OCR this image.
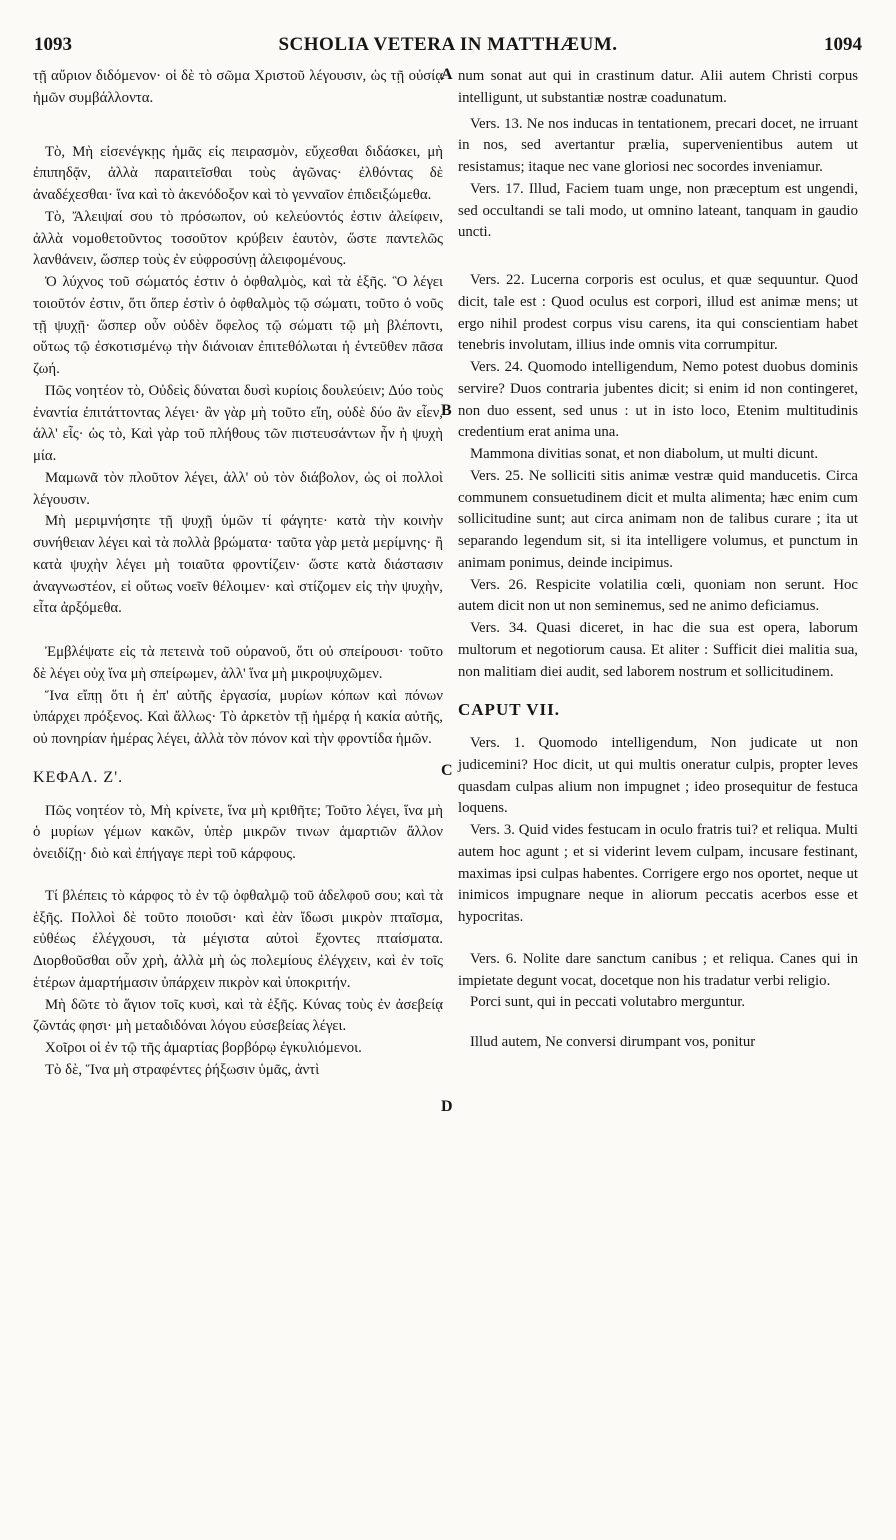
1093	SCHOLIA VETERA IN MATTHÆUM.	1094
A
B
C
D

τῇ αὔριον διδόμενον· οἱ δὲ τὸ σῶμα Χριστοῦ λέγουσιν, ὡς τῇ οὐσίᾳ ἡμῶν συμβάλλοντα.

Τὸ, Μὴ εἰσενέγκῃς ἡμᾶς εἰς πειρασμὸν, εὔχεσθαι διδάσκει, μὴ ἐπιπηδᾷν, ἀλλὰ παραιτεῖσθαι τοὺς ἀγῶνας· ἐλθόντας δὲ ἀναδέχεσθαι· ἵνα καὶ τὸ ἀκενόδοξον καὶ τὸ γενναῖον ἐπιδειξώμεθα.

Τὸ, Ἄλειψαί σου τὸ πρόσωπον, οὐ κελεύοντός ἐστιν ἀλείφειν, ἀλλὰ νομοθετοῦντος τοσοῦτον κρύβειν ἑαυτὸν, ὥστε παντελῶς λανθάνειν, ὥσπερ τοὺς ἐν εὐφροσύνῃ ἀλειφομένους.

Ὁ λύχνος τοῦ σώματός ἐστιν ὁ ὀφθαλμὸς, καὶ τὰ ἑξῆς. Ὃ λέγει τοιοῦτόν ἐστιν, ὅτι ὅπερ ἐστὶν ὁ ὀφθαλμὸς τῷ σώματι, τοῦτο ὁ νοῦς τῇ ψυχῇ· ὥσπερ οὖν οὐδὲν ὄφελος τῷ σώματι τῷ μὴ βλέποντι, οὕτως τῷ ἐσκοτισμένῳ τὴν διάνοιαν ἐπιτεθόλωται ἡ ἐντεῦθεν πᾶσα ζωή.

Πῶς νοητέον τὸ, Οὐδεὶς δύναται δυσὶ κυρίοις δουλεύειν; Δύο τοὺς ἐναντία ἐπιτάττοντας λέγει· ἂν γὰρ μὴ τοῦτο εἴη, οὐδὲ δύο ἂν εἶεν, ἀλλ' εἷς· ὡς τὸ, Καὶ γὰρ τοῦ πλήθους τῶν πιστευσάντων ἦν ἡ ψυχὴ μία.

Μαμωνᾶ τὸν πλοῦτον λέγει, ἀλλ' οὐ τὸν διάβολον, ὡς οἱ πολλοὶ λέγουσιν.

Μὴ μεριμνήσητε τῇ ψυχῇ ὑμῶν τί φάγητε· κατὰ τὴν κοινὴν συνήθειαν λέγει καὶ τὰ πολλὰ βρώματα· ταῦτα γὰρ μετὰ μερίμνης· ἢ κατὰ ψυχὴν λέγει μὴ τοιαῦτα φροντίζειν· ὥστε κατὰ διάστασιν ἀναγνωστέον, εἰ οὕτως νοεῖν θέλοιμεν· καὶ στίζομεν εἰς τὴν ψυχὴν, εἶτα ἀρξόμεθα.

Ἐμβλέψατε εἰς τὰ πετεινὰ τοῦ οὐρανοῦ, ὅτι οὐ σπείρουσι· τοῦτο δὲ λέγει οὐχ ἵνα μὴ σπείρωμεν, ἀλλ' ἵνα μὴ μικροψυχῶμεν.

Ἵνα εἴπῃ ὅτι ἡ ἐπ' αὐτῆς ἐργασία, μυρίων κόπων καὶ πόνων ὑπάρχει πρόξενος. Καὶ ἄλλως· Τὸ ἀρκετὸν τῇ ἡμέρᾳ ἡ κακία αὐτῆς, οὐ πονηρίαν ἡμέρας λέγει, ἀλλὰ τὸν πόνον καὶ τὴν φροντίδα ἡμῶν.

ΚΕΦΑΛ. Ζ'.

Πῶς νοητέον τὸ, Μὴ κρίνετε, ἵνα μὴ κριθῆτε; Τοῦτο λέγει, ἵνα μὴ ὁ μυρίων γέμων κακῶν, ὑπὲρ μικρῶν τινων ἁμαρτιῶν ἄλλον ὀνειδίζῃ· διὸ καὶ ἐπήγαγε περὶ τοῦ κάρφους.

Τί βλέπεις τὸ κάρφος τὸ ἐν τῷ ὀφθαλμῷ τοῦ ἀδελφοῦ σου; καὶ τὰ ἑξῆς. Πολλοὶ δὲ τοῦτο ποιοῦσι· καὶ ἐὰν ἴδωσι μικρὸν πταῖσμα, εὐθέως ἐλέγχουσι, τὰ μέγιστα αὐτοὶ ἔχοντες πταίσματα. Διορθοῦσθαι οὖν χρὴ, ἀλλὰ μὴ ὡς πολεμίους ἐλέγχειν, καὶ ἐν τοῖς ἑτέρων ἁμαρτήμασιν ὑπάρχειν πικρὸν καὶ ὑποκριτήν.

Μὴ δῶτε τὸ ἅγιον τοῖς κυσὶ, καὶ τὰ ἑξῆς. Κύνας τοὺς ἐν ἀσεβείᾳ ζῶντάς φησι· μὴ μεταδιδόναι λόγου εὐσεβείας λέγει.

Χοῖροι οἱ ἐν τῷ τῆς ἁμαρτίας βορβόρῳ ἐγκυλιόμενοι.

Τὸ δὲ, Ἵνα μὴ στραφέντες ῥήξωσιν ὑμᾶς, ἀντὶ

num sonat aut qui in crastinum datur. Alii autem Christi corpus intelligunt, ut substantiæ nostræ coadunatum.

Vers. 13. Ne nos inducas in tentationem, precari docet, ne irruant in nos, sed avertantur prælia, supervenientibus autem ut resistamus; itaque nec vane gloriosi nec socordes inveniamur.

Vers. 17. Illud, Faciem tuam unge, non præceptum est ungendi, sed occultandi se tali modo, ut omnino lateant, tanquam in gaudio uncti.

Vers. 22. Lucerna corporis est oculus, et quæ sequuntur. Quod dicit, tale est : Quod oculus est corpori, illud est animæ mens; ut ergo nihil prodest corpus visu carens, ita qui conscientiam habet tenebris involutam, illius inde omnis vita corrumpitur.

Vers. 24. Quomodo intelligendum, Nemo potest duobus dominis servire? Duos contraria jubentes dicit; si enim id non contingeret, non duo essent, sed unus : ut in isto loco, Etenim multitudinis credentium erat anima una.

Mammona divitias sonat, et non diabolum, ut multi dicunt.

Vers. 25. Ne solliciti sitis animæ vestræ quid manducetis. Circa communem consuetudinem dicit et multa alimenta; hæc enim cum sollicitudine sunt; aut circa animam non de talibus curare ; ita ut separando legendum sit, si ita intelligere volumus, et punctum in animam ponimus, deinde incipimus.

Vers. 26. Respicite volatilia cœli, quoniam non serunt. Hoc autem dicit non ut non seminemus, sed ne animo deficiamus.

Vers. 34. Quasi diceret, in hac die sua est opera, laborum multorum et negotiorum causa. Et aliter : Sufficit diei malitia sua, non malitiam diei audit, sed laborem nostrum et sollicitudinem.

CAPUT VII.

Vers. 1. Quomodo intelligendum, Non judicate ut non judicemini? Hoc dicit, ut qui multis oneratur culpis, propter leves quasdam culpas alium non impugnet ; ideo prosequitur de festuca loquens.

Vers. 3. Quid vides festucam in oculo fratris tui? et reliqua. Multi autem hoc agunt ; et si viderint levem culpam, incusare festinant, maximas ipsi culpas habentes. Corrigere ergo nos oportet, neque ut inimicos impugnare neque in aliorum peccatis acerbos esse et hypocritas.

Vers. 6. Nolite dare sanctum canibus ; et reliqua. Canes qui in impietate degunt vocat, docetque non his tradatur verbi religio.

Porci sunt, qui in peccati volutabro merguntur.

Illud autem, Ne conversi dirumpant vos, ponitur
